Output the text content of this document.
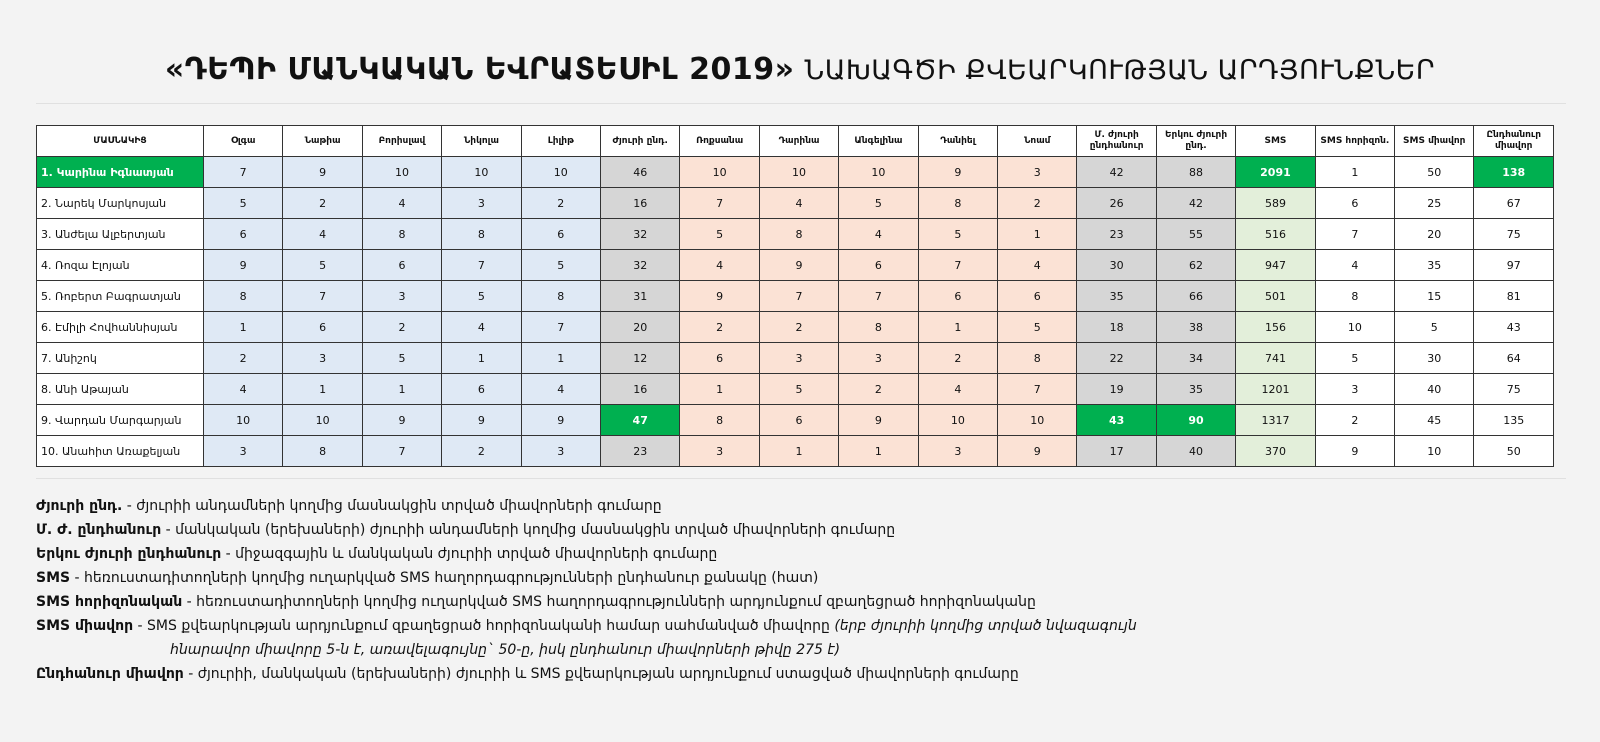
«ԴԵՊԻ ՄԱՆԿԱԿԱՆ ԵՎՐԱՏԵՍԻԼ 2019» ՆԱԽԱԳԾԻ ՔՎԵԱՐԿՈՒԹՅԱՆ ԱՐԴՅՈՒՆՔՆԵՐ
ՄԱՍՆԱԿԻՑ	Օլգա	Նաթիա	Բորիսլավ	Նիկոլա	Լիլիթ	Ժյուրի ընդ.	Ռոքսանա	Դարինա	Անգելինա	Դանիել	Նոամ	Մ. ժյուրի ընդհանուր	Երկու ժյուրի ընդ.	SMS	SMS հորիզոն.	SMS միավոր	Ընդհանուր միավոր
1. Կարինա Իգնատյան	7	9	10	10	10	46	10	10	10	9	3	42	88	2091	1	50	138
2. Նարեկ Մարկոսյան	5	2	4	3	2	16	7	4	5	8	2	26	42	589	6	25	67
3. Անժելա Ալբերտյան	6	4	8	8	6	32	5	8	4	5	1	23	55	516	7	20	75
4. Ռոզա Էլոյան	9	5	6	7	5	32	4	9	6	7	4	30	62	947	4	35	97
5. Ռոբերտ Բագրատյան	8	7	3	5	8	31	9	7	7	6	6	35	66	501	8	15	81
6. Էմիլի Հովհաննիսյան	1	6	2	4	7	20	2	2	8	1	5	18	38	156	10	5	43
7. Անիշոկ	2	3	5	1	1	12	6	3	3	2	8	22	34	741	5	30	64
8. Անի Աթայան	4	1	1	6	4	16	1	5	2	4	7	19	35	1201	3	40	75
9. Վարդան Մարգարյան	10	10	9	9	9	47	8	6	9	10	10	43	90	1317	2	45	135
10. Անահիտ Առաքելյան	3	8	7	2	3	23	3	1	1	3	9	17	40	370	9	10	50
Ժյուրի ընդ. - ժյուրիի անդամների կողմից մասնակցին տրված միավորների գումարը
Մ. Ժ. ընդհանուր - մանկական (երեխաների) ժյուրիի անդամների կողմից մասնակցին տրված միավորների գումարը
Երկու ժյուրի ընդհանուր - միջազգային և մանկական ժյուրիի տրված միավորների գումարը
SMS - հեռուստադիտողների կողմից ուղարկված SMS հաղորդագրությունների ընդհանուր քանակը (հատ)
SMS հորիզոնական - հեռուստադիտողների կողմից ուղարկված SMS հաղորդագրությունների արդյունքում զբաղեցրած հորիզոնականը
SMS միավոր - SMS քվեարկության արդյունքում զբաղեցրած հորիզոնականի համար սահմանված միավորը (երբ ժյուրիի կողմից տրված նվազագույն
հնարավոր միավորը 5-ն է, առավելագույնը` 50-ը, իսկ ընդհանուր միավորների թիվը 275 է)
Ընդհանուր միավոր - ժյուրիի, մանկական (երեխաների) ժյուրիի և SMS քվեարկության արդյունքում ստացված միավորների գումարը
